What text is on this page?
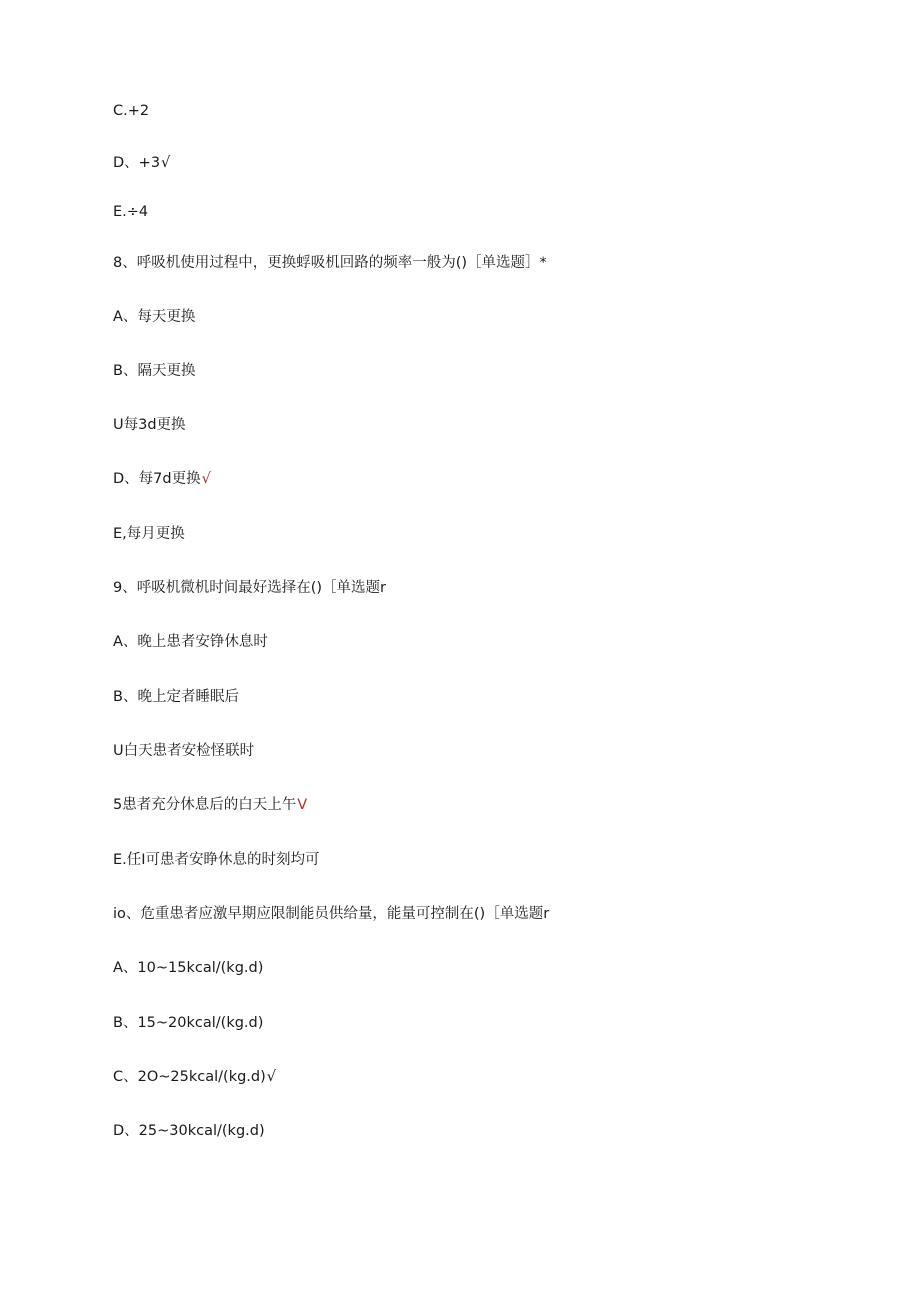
C.+2
D、+3√
E.÷4
8、呼吸机使用过程中，更换蜉吸机回路的频率一般为()［单选题］*
A、每天更换
B、隔天更换
U每3d更换
D、每7d更换√
E,每月更换
9、呼吸机微机时间最好选择在()［单选题r
A、晚上患者安铮休息时
B、晚上定者睡眠后
U白天患者安检怪联时
5患者充分休息后的白天上午V
E.任I可患者安睁休息的时刻均可
io、危重患者应激早期应限制能员供给量，能量可控制在()［单选题r
A、10~15kcal∕(kg.d)
B、15~20kcal∕(kg.d)
C、2O~25kcal∕(kg.d)√
D、25~30kcal∕(kg.d)
